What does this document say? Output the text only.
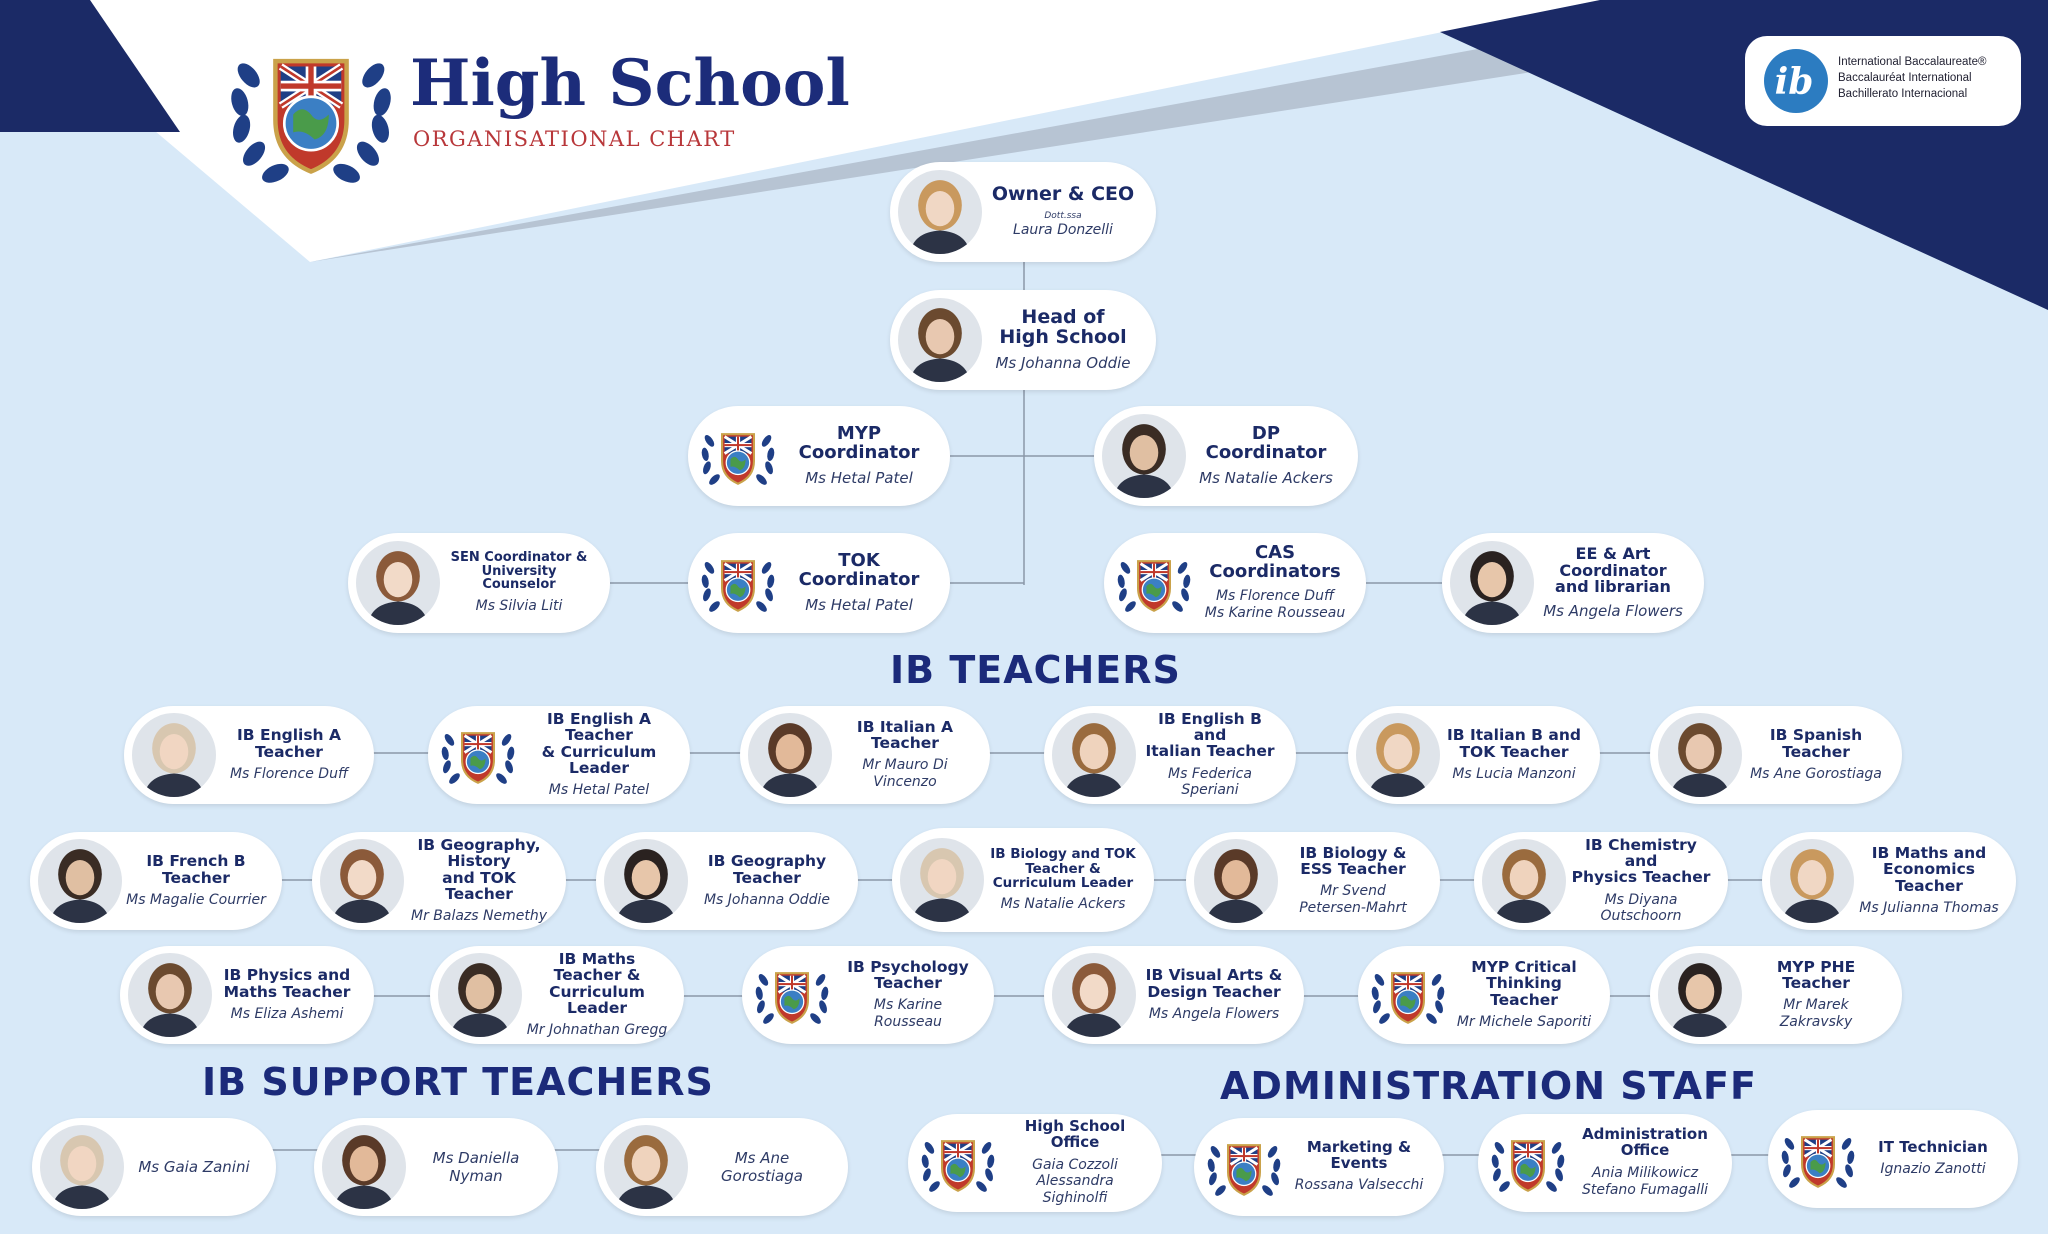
High School
ORGANISATIONAL CHART
ib International Baccalaureate®
Baccalauréat International
Bachillerato Internacional
IB TEACHERS
IB SUPPORT TEACHERS	ADMINISTRATION STAFF
Owner & CEO
Dott.ssa
Laura Donzelli
Head of
High School
Ms Johanna Oddie
MYP
Coordinator
Ms Hetal Patel
DP
Coordinator
Ms Natalie Ackers
SEN Coordinator &
University Counselor
Ms Silvia Liti
TOK
Coordinator
Ms Hetal Patel
CAS
Coordinators
Ms Florence Duff
Ms Karine Rousseau
EE & Art
Coordinator
and librarian
Ms Angela Flowers
IB English A
Teacher
Ms Florence Duff
IB English A Teacher
& Curriculum Leader
Ms Hetal Patel
IB Italian A
Teacher
Mr Mauro Di Vincenzo
IB English B and
Italian Teacher
Ms Federica Speriani
IB Italian B and
TOK Teacher
Ms Lucia Manzoni
IB Spanish
Teacher
Ms Ane Gorostiaga
IB French B
Teacher
Ms Magalie Courrier
IB Geography, History
and TOK Teacher
Mr Balazs Nemethy
IB Geography
Teacher
Ms Johanna Oddie
IB Biology and TOK
Teacher &
Curriculum Leader
Ms Natalie Ackers
IB Biology &
ESS Teacher
Mr Svend
Petersen-Mahrt
IB Chemistry and
Physics Teacher
Ms Diyana Outschoorn
IB Maths and
Economics Teacher
Ms Julianna Thomas
IB Physics and
Maths Teacher
Ms Eliza Ashemi
IB Maths Teacher &
Curriculum Leader
Mr Johnathan Gregg
IB Psychology
Teacher
Ms Karine Rousseau
IB Visual Arts &
Design Teacher
Ms Angela Flowers
MYP Critical
Thinking Teacher
Mr Michele Saporiti
MYP PHE Teacher
Mr Marek Zakravsky
Ms Gaia Zanini	Ms Daniella Nyman
Ms Ane Gorostiaga
High School Office
Gaia Cozzoli
Alessandra Sighinolfi
Marketing & Events
Rossana Valsecchi
Administration Office
Ania Milikowicz
Stefano Fumagalli
IT Technician
Ignazio Zanotti
